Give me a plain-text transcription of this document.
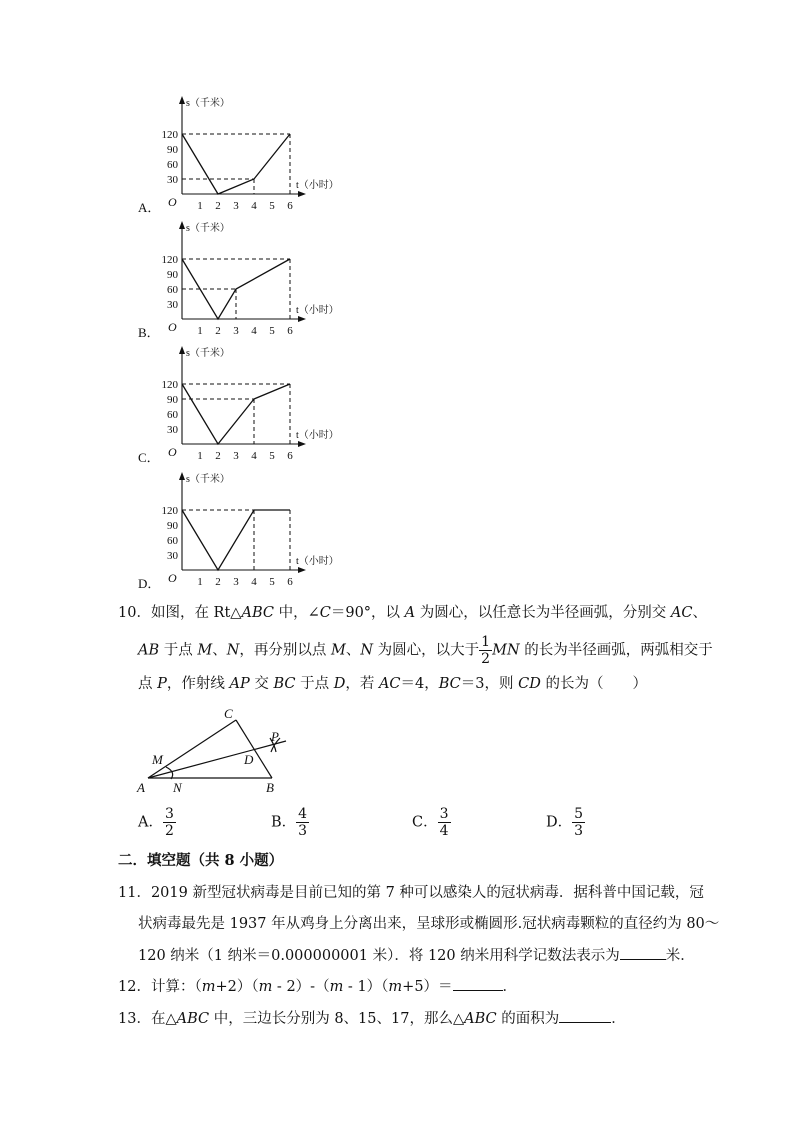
120
90
60
30
1 2 3 4 5 6
O
s（千米）
t（小时）
A．
120
90
60
30
1 2 3 4 5 6
O
s（千米）
t（小时）
B．
120
90
60
30
1 2 3 4 5 6
O
s（千米）
t（小时）
C．
120
90
60
30
1 2 3 4 5 6
O
s（千米）
t（小时）
D．
10．如图，在 Rt△ABC 中，∠C＝90°，以 A 为圆心，以任意长为半径画弧，分别交 AC、
AB 于点 M、N，再分别以点 M、N 为圆心，以大于 $\frac{1}{2}$ MN 的长为半径画弧，两弧相交于
点 P，作射线 AP 交 BC 于点 D，若 AC＝4，BC＝3，则 CD 的长为（　　）
C
P
M	D
A N	B
A． $\frac{3}{2}$	B． $\frac{4}{3}$	C． $\frac{3}{4}$	D． $\frac{5}{3}$
二．填空题（共 8 小题）
11．2019 新型冠状病毒是目前已知的第 7 种可以感染人的冠状病毒．据科普中国记载，冠
状病毒最先是 1937 年从鸡身上分离出来，呈球形或椭圆形.冠状病毒颗粒的直径约为 80～
120 纳米（1 纳米＝0.000000001 米）．将 120 纳米用科学记数法表示为	米．
12．计算：（m+2）（m - 2）-（m - 1）（m+5）＝	．
13．在△ABC 中，三边长分别为 8、15、17，那么△ABC 的面积为	．
